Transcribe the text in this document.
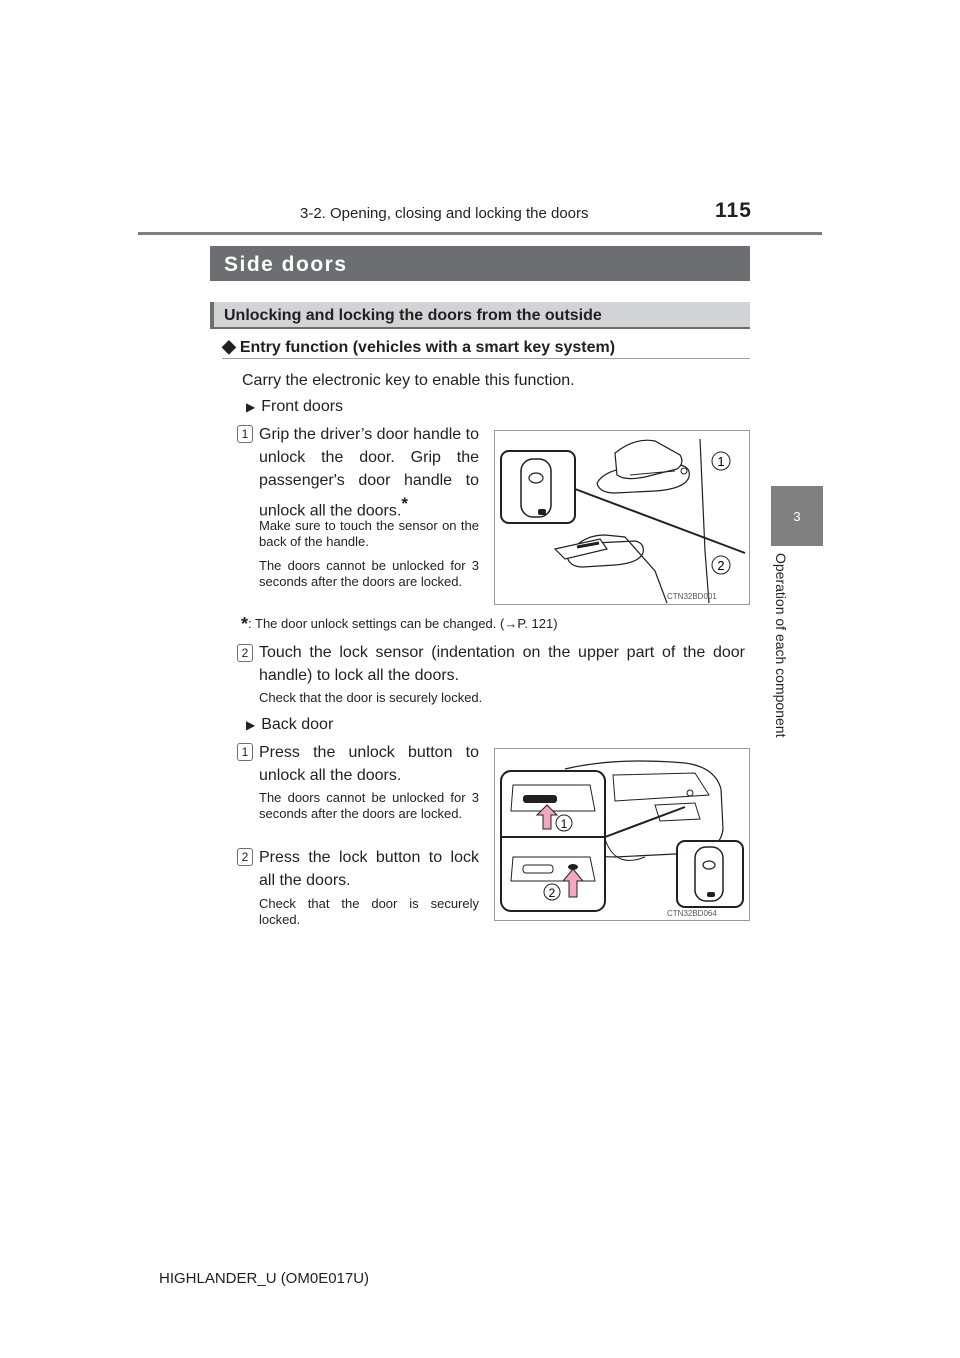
3-2. Opening, closing and locking the doors	115
3
Operation of each component
Side doors
Unlocking and locking the doors from the outside
◆ Entry function (vehicles with a smart key system)
Carry the electronic key to enable this function.
▶ Front doors
1 Grip the driver’s door handle to unlock the door. Grip the passenger's door handle to unlock all the doors.*
Make sure to touch the sensor on the back of the handle.
The doors cannot be unlocked for 3 seconds after the doors are locked.
*: The door unlock settings can be changed. (→P. 121)
1
2
CTN32BD001
2 Touch the lock sensor (indentation on the upper part of the door handle) to lock all the doors.
Check that the door is securely locked.
▶ Back door
1 Press the unlock button to unlock all the doors.
The doors cannot be unlocked for 3 seconds after the doors are locked.
2 Press the lock button to lock all the doors.
Check that the door is securely locked.
1
2
CTN32BD064
HIGHLANDER_U (OM0E017U)
